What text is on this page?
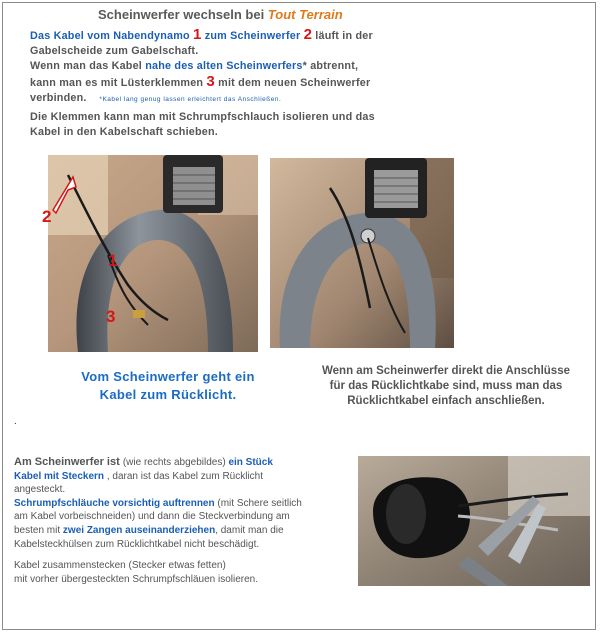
Scheinwerfer wechseln bei Tout Terrain
Das Kabel vom Nabendynamo 1 zum Scheinwerfer 2 läuft in der
Gabelscheide zum Gabelschaft.
Wenn man das Kabel nahe des alten Scheinwerfers* abtrennt,
kann man es mit Lüsterklemmen 3 mit dem neuen Scheinwerfer
verbinden. *Kabel lang genug lassen erleichtert das Anschließen.
Die Klemmen kann man mit Schrumpfschlauch isolieren und das
Kabel in den Kabelschaft schieben.
2
1
3
Vom Scheinwerfer geht ein
Kabel zum Rücklicht.
Wenn am Scheinwerfer direkt die Anschlüsse
für das Rücklichtkabe sind, muss man das
Rücklichtkabel einfach anschließen.
.
Am Scheinwerfer ist (wie rechts abgebildes) ein Stück
Kabel mit Steckern , daran ist das Kabel zum Rücklicht
angesteckt.
Schrumpfschläuche vorsichtig auftrennen (mit Schere seitlich
am Kabel vorbeischneiden) und dann die Steckverbindung am
besten mit zwei Zangen auseinanderziehen, damit man die
Kabelsteckhülsen zum Rücklichtkabel nicht beschädigt.
Kabel zusammenstecken (Stecker etwas fetten)
mit vorher übergesteckten Schrumpfschläuen isolieren.
